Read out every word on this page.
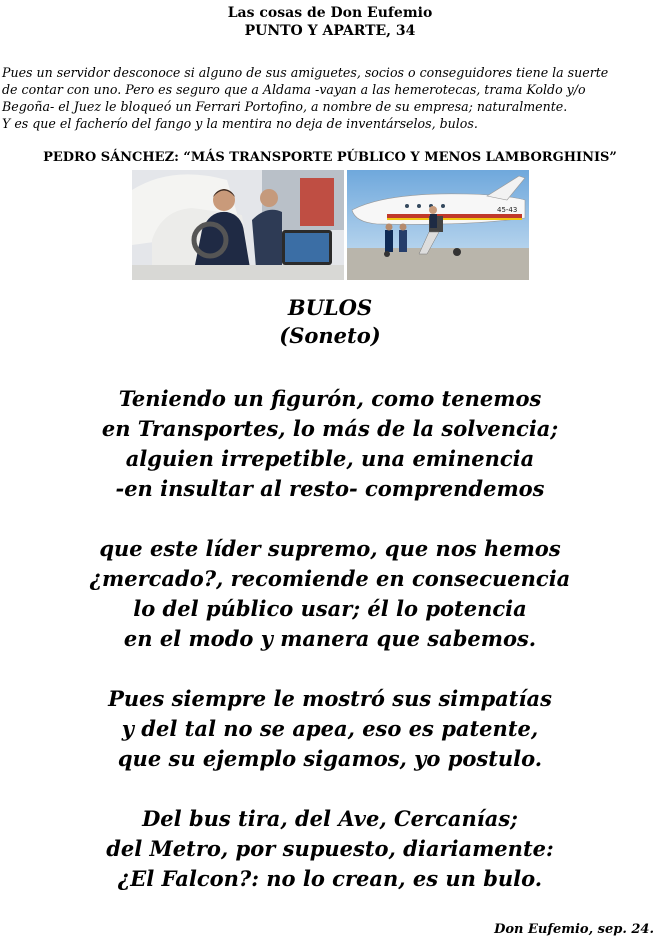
Las cosas de Don Eufemio
PUNTO Y APARTE, 34
Pues un servidor desconoce si alguno de sus amiguetes, socios o conseguidores tiene la suerte
de contar con uno. Pero es seguro que a Aldama -vayan a las hemerotecas, trama Koldo y/o
Begoña- el Juez le bloqueó un Ferrari Portofino, a nombre de su empresa; naturalmente.
Y es que el facherío del fango y la mentira no deja de inventárselos, bulos.
PEDRO SÁNCHEZ: “MÁS TRANSPORTE PÚBLICO Y MENOS LAMBORGHINIS”
45-43
BULOS
(Soneto)
Teniendo un figurón, como tenemos
en Transportes, lo más de la solvencia;
alguien irrepetible, una eminencia
-en insultar al resto- comprendemos
que este líder supremo, que nos hemos
¿mercado?, recomiende en consecuencia
lo del público usar; él lo potencia
en el modo y manera que sabemos.
Pues siempre le mostró sus simpatías
y del tal no se apea, eso es patente,
que su ejemplo sigamos, yo postulo.
Del bus tira, del Ave, Cercanías;
del Metro, por supuesto, diariamente:
¿El Falcon?: no lo crean, es un bulo.
Don Eufemio, sep. 24.
